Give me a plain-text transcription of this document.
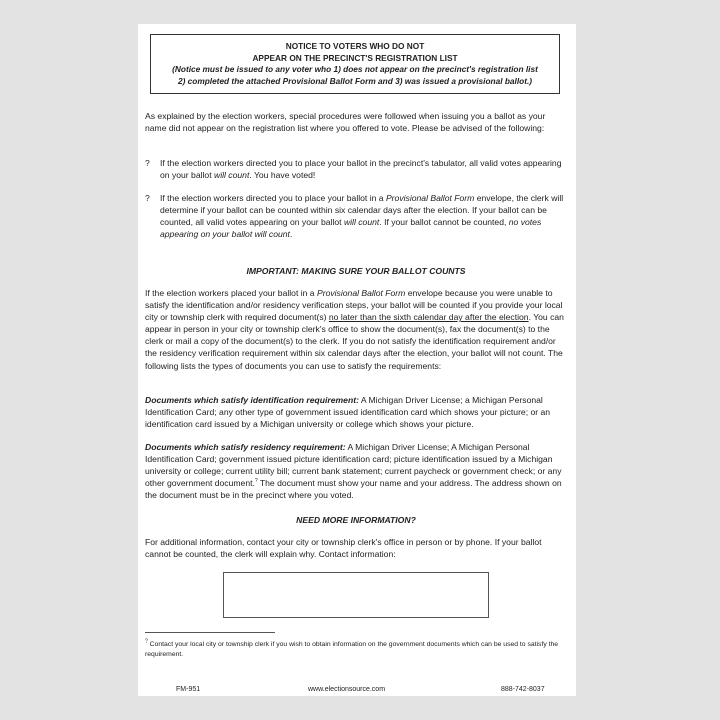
NOTICE TO VOTERS WHO DO NOT
APPEAR ON THE PRECINCT'S REGISTRATION LIST
(Notice must be issued to any voter who 1) does not appear on the precinct's registration list
2) completed the attached Provisional Ballot Form and 3) was issued a provisional ballot.)
As explained by the election workers, special procedures were followed when issuing you a ballot as your name did not appear on the registration list where you offered to vote. Please be advised of the following:
? If the election workers directed you to place your ballot in the precinct's tabulator, all valid votes appearing on your ballot will count. You have voted!
? If the election workers directed you to place your ballot in a Provisional Ballot Form envelope, the clerk will determine if your ballot can be counted within six calendar days after the election. If your ballot can be counted, all valid votes appearing on your ballot will count. If your ballot cannot be counted, no votes appearing on your ballot will count.
IMPORTANT: MAKING SURE YOUR BALLOT COUNTS
If the election workers placed your ballot in a Provisional Ballot Form envelope because you were unable to satisfy the identification and/or residency verification steps, your ballot will be counted if you provide your local city or township clerk with required document(s) no later than the sixth calendar day after the election. You can appear in person in your city or township clerk's office to show the document(s), fax the document(s) to the clerk or mail a copy of the document(s) to the clerk. If you do not satisfy the identification requirement and/or the residency verification requirement within six calendar days after the election, your ballot will not count. The following lists the types of documents you can use to satisfy the requirements:
Documents which satisfy identification requirement: A Michigan Driver License; a Michigan Personal Identification Card; any other type of government issued identification card which shows your picture; or an identification card issued by a Michigan university or college which shows your picture.
Documents which satisfy residency requirement: A Michigan Driver License; A Michigan Personal Identification Card; government issued picture identification card; picture identification issued by a Michigan university or college; current utility bill; current bank statement; current paycheck or government check; or any other government document.? The document must show your name and your address. The address shown on the document must be in the precinct where you voted.
NEED MORE INFORMATION?
For additional information, contact your city or township clerk's office in person or by phone. If your ballot cannot be counted, the clerk will explain why. Contact information:
? Contact your local city or township clerk if you wish to obtain information on the government documents which can be used to satisfy the requirement.
FM-951	www.electionsource.com	888-742-8037
